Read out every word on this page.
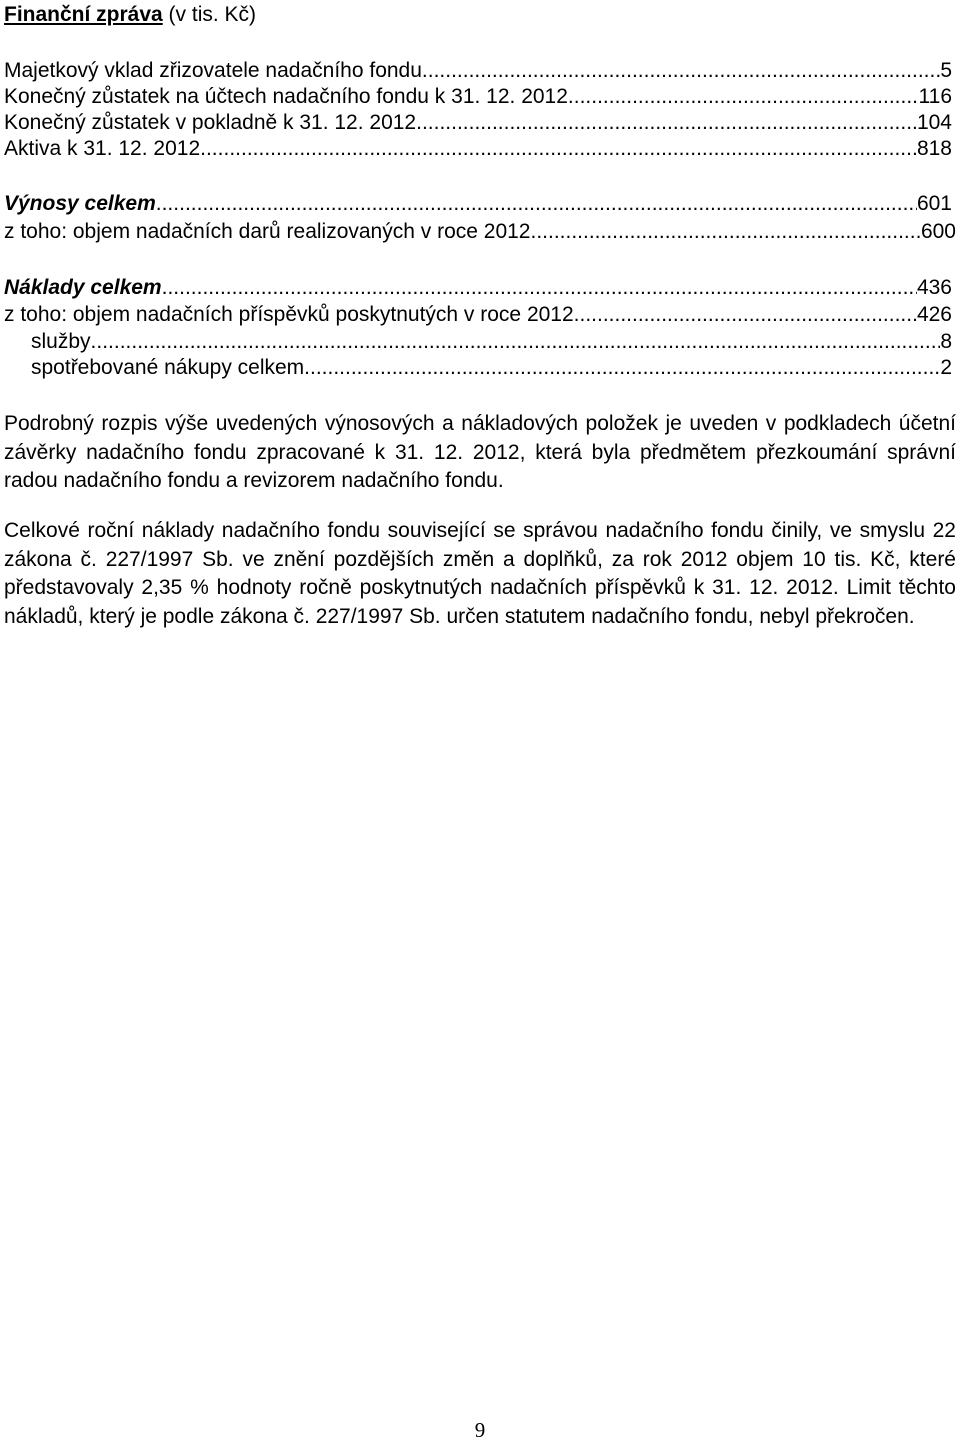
Finanční zpráva (v tis. Kč)
Majetkový vklad zřizovatele nadačního fondu .....	5
Konečný zůstatek na účtech nadačního fondu k 31. 12. 2012 .....	116
Konečný zůstatek v pokladně k 31. 12. 2012 .....	104
Aktiva k 31. 12. 2012 .....	818
Výnosy celkem .....	601
z toho: objem nadačních darů realizovaných v roce 2012 .....	600
Náklady celkem .....	436
z toho: objem nadačních příspěvků poskytnutých v roce 2012 .....	426
služby .....	8
spotřebované nákupy celkem .....	2
Podrobný rozpis výše uvedených výnosových a nákladových položek je uveden v podkladech účetní závěrky nadačního fondu zpracované k 31. 12. 2012, která byla předmětem přezkoumání správní radou nadačního fondu a revizorem nadačního fondu.
Celkové roční náklady nadačního fondu související se správou nadačního fondu činily, ve smyslu 22 zákona č. 227/1997 Sb. ve znění pozdějších změn a doplňků, za rok 2012 objem 10 tis. Kč, které představovaly 2,35 % hodnoty ročně poskytnutých nadačních příspěvků k 31. 12. 2012. Limit těchto nákladů, který je podle zákona č. 227/1997 Sb. určen statutem nadačního fondu, nebyl překročen.
9
